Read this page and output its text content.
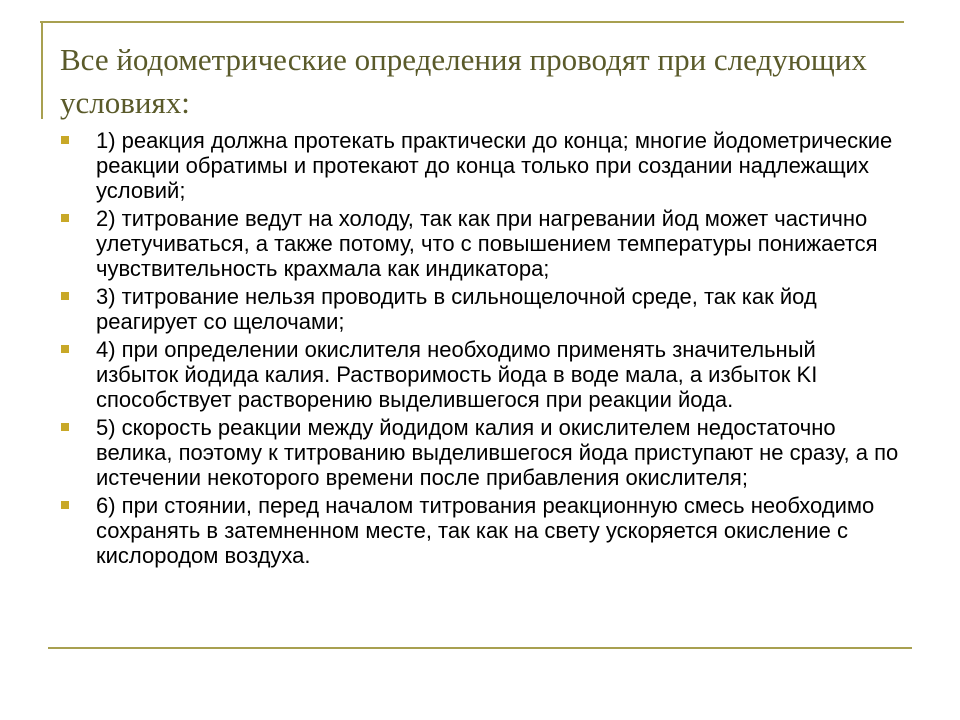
Все йодометрические определения проводят при следующих условиях:
1) реакция должна протекать практически до конца; многие йодометрические реакции обратимы и протекают до конца только при создании надлежащих условий;
2) титрование ведут на холоду, так как при нагревании йод может частично улетучиваться, а также потому, что с повышением температуры понижается чувствительность крахмала как индикатора;
3) титрование нельзя проводить в сильнощелочной среде, так как йод реагирует со щелочами;
4) при определении окислителя необходимо применять значительный избыток йодида калия. Растворимость йода в воде мала, а избыток KI способствует растворению выделившегося при реакции йода.
5) скорость реакции между йодидом калия и окислителем недостаточно велика, поэтому к титрованию выделившегося йода приступают не сразу, а по истечении некоторого времени после прибавления окислителя;
6) при стоянии, перед началом титрования реакционную смесь необходимо сохранять в затемненном месте, так как на свету ускоряется окисление с кислородом воздуха.
